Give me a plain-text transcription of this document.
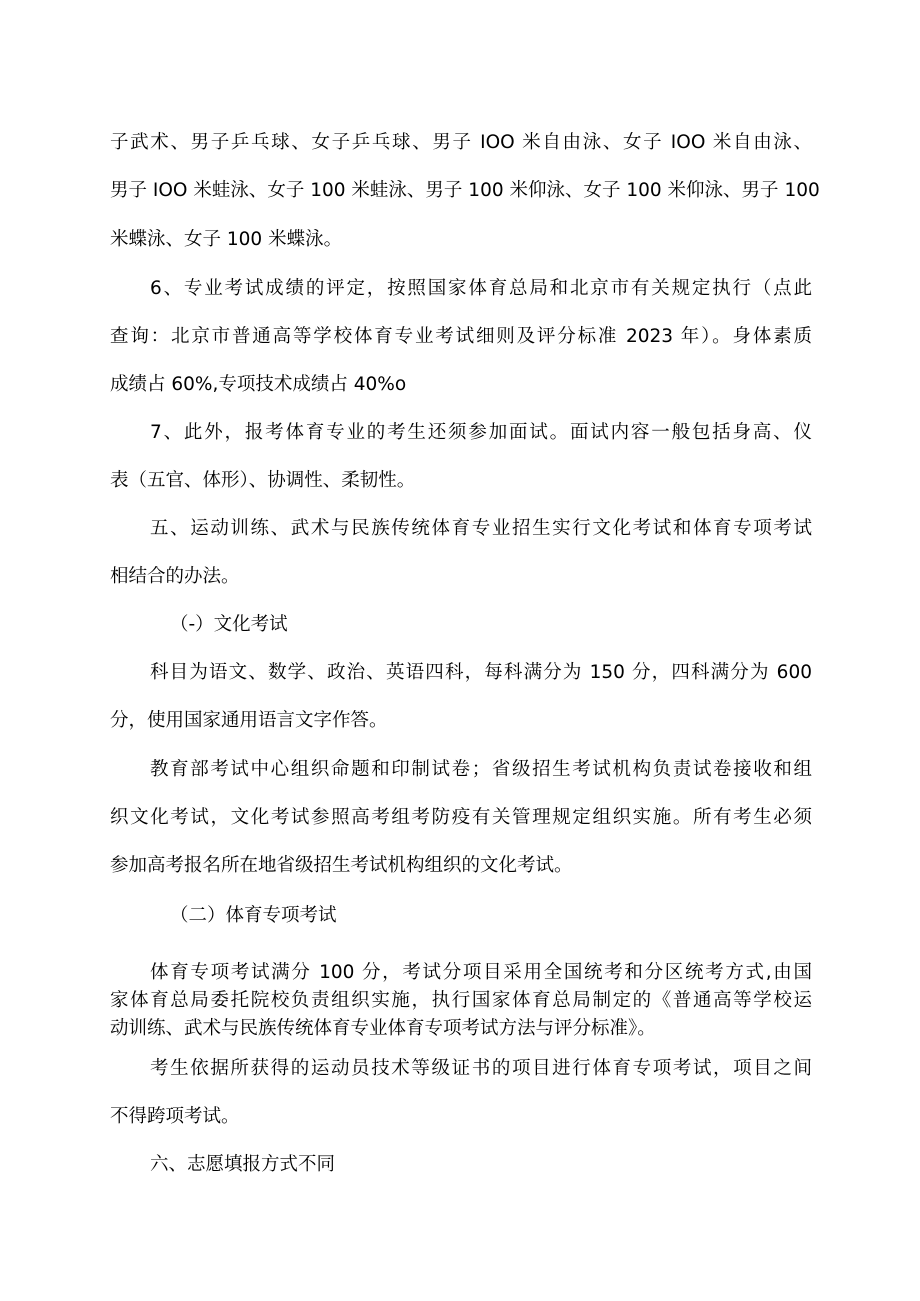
子武术、男子乒乓球、女子乒乓球、男子 IOO 米自由泳、女子 IOO 米自由泳、

男子 IOO 米蛙泳、女子 100 米蛙泳、男子 100 米仰泳、女子 100 米仰泳、男子 100

米蝶泳、女子 100 米蝶泳。

6、专业考试成绩的评定，按照国家体育总局和北京市有关规定执行（点此

查询：北京市普通高等学校体育专业考试细则及评分标准 2023 年）。身体素质

成绩占 60%,专项技术成绩占 40%o

7、此外，报考体育专业的考生还须参加面试。面试内容一般包括身高、仪

表（五官、体形）、协调性、柔韧性。

五、运动训练、武术与民族传统体育专业招生实行文化考试和体育专项考试

相结合的办法。

（-）文化考试

科目为语文、数学、政治、英语四科，每科满分为 150 分，四科满分为 600

分，使用国家通用语言文字作答。

教育部考试中心组织命题和印制试卷；省级招生考试机构负责试卷接收和组

织文化考试，文化考试参照高考组考防疫有关管理规定组织实施。所有考生必须

参加高考报名所在地省级招生考试机构组织的文化考试。

（二）体育专项考试

体育专项考试满分 100 分，考试分项目采用全国统考和分区统考方式,由国

家体育总局委托院校负责组织实施，执行国家体育总局制定的《普通高等学校运

动训练、武术与民族传统体育专业体育专项考试方法与评分标准》。

考生依据所获得的运动员技术等级证书的项目进行体育专项考试，项目之间

不得跨项考试。

六、志愿填报方式不同
